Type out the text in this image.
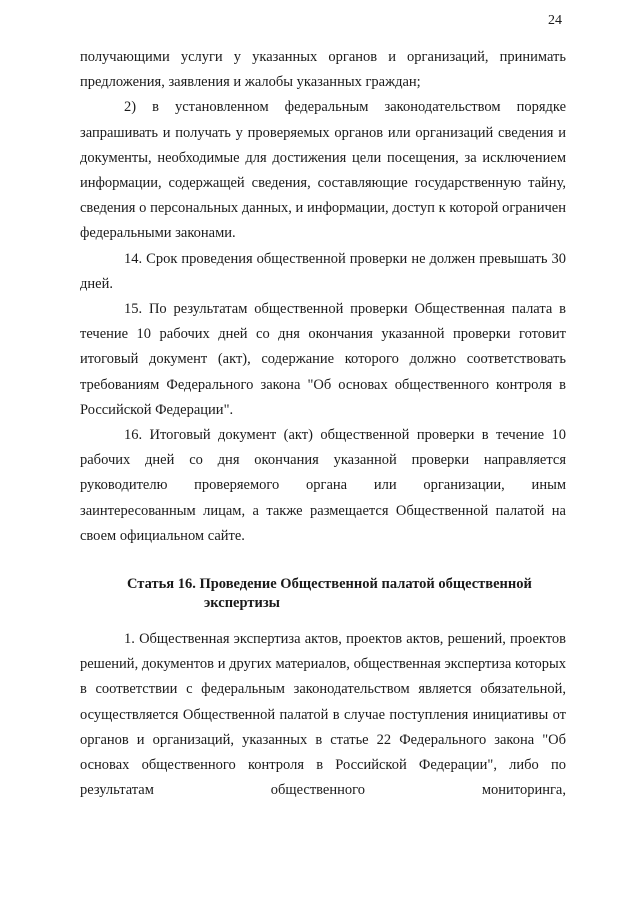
24

получающими услуги у указанных органов и организаций, принимать предложения, заявления и жалобы указанных граждан;

2) в установленном федеральным законодательством порядке запрашивать и получать у проверяемых органов или организаций сведения и документы, необходимые для достижения цели посещения, за исключением информации, содержащей сведения, составляющие государственную тайну, сведения о персональных данных, и информации, доступ к которой ограничен федеральными законами.

14. Срок проведения общественной проверки не должен превышать 30 дней.

15. По результатам общественной проверки Общественная палата в течение 10 рабочих дней со дня окончания указанной проверки готовит итоговый документ (акт), содержание которого должно соответствовать требованиям Федерального закона "Об основах общественного контроля в Российской Федерации".

16. Итоговый документ (акт) общественной проверки в течение 10 рабочих дней со дня окончания указанной проверки направляется руководителю проверяемого органа или организации, иным заинтересованным лицам, а также размещается Общественной палатой на своем официальном сайте.

Статья 16. Проведение Общественной палатой общественной
экспертизы

1. Общественная экспертиза актов, проектов актов, решений, проектов решений, документов и других материалов, общественная экспертиза которых в соответствии с федеральным законодательством является обязательной, осуществляется Общественной палатой в случае поступления инициативы от органов и организаций, указанных в статье 22 Федерального закона "Об основах общественного контроля в Российской Федерации", либо по результатам общественного мониторинга,
